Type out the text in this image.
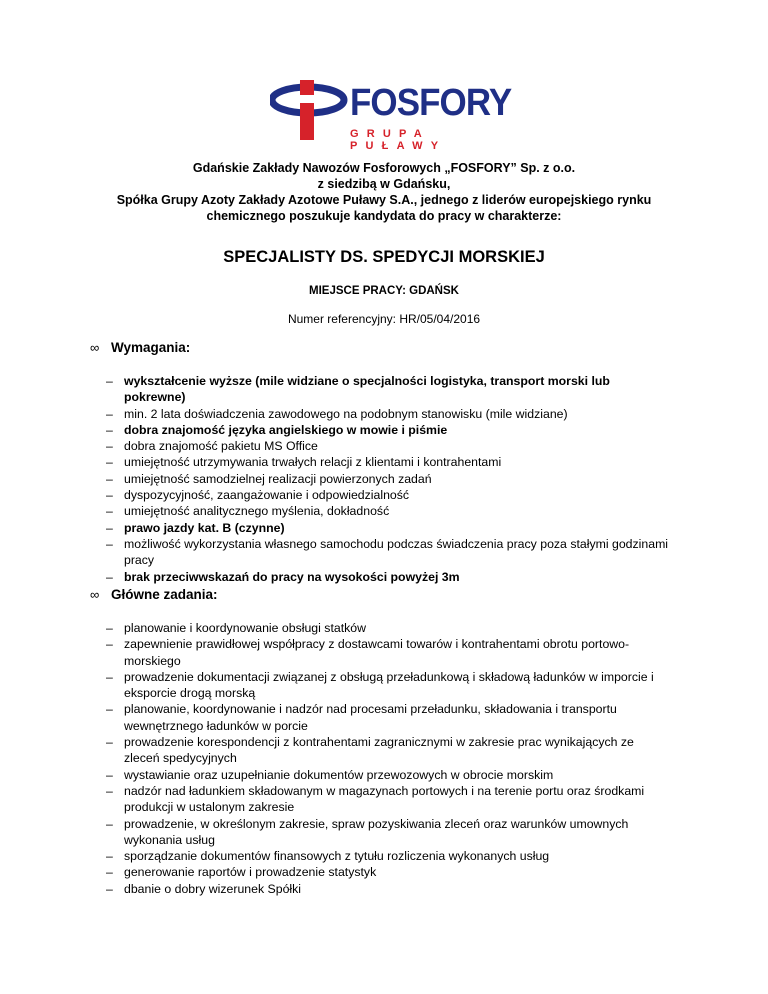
FOSFORY
GRUPA PUŁAWY
Gdańskie Zakłady Nawozów Fosforowych „FOSFORY” Sp. z o.o.
z siedzibą w Gdańsku,
Spółka Grupy Azoty Zakłady Azotowe Puławy S.A., jednego z liderów europejskiego rynku
chemicznego poszukuje kandydata do pracy w charakterze:
SPECJALISTY DS. SPEDYCJI MORSKIEJ
MIEJSCE PRACY: GDAŃSK
Numer referencyjny: HR/05/04/2016
∞ Wymagania:
– wykształcenie wyższe (mile widziane o specjalności logistyka, transport morski lub pokrewne)
– min. 2 lata doświadczenia zawodowego na podobnym stanowisku (mile widziane)
– dobra znajomość języka angielskiego w mowie i piśmie
– dobra znajomość pakietu MS Office
– umiejętność utrzymywania trwałych relacji z klientami i kontrahentami
– umiejętność samodzielnej realizacji powierzonych zadań
– dyspozycyjność, zaangażowanie i odpowiedzialność
– umiejętność analitycznego myślenia, dokładność
– prawo jazdy kat. B (czynne)
– możliwość wykorzystania własnego samochodu podczas świadczenia pracy poza stałymi godzinami pracy
– brak przeciwwskazań do pracy na wysokości powyżej 3m
∞ Główne zadania:
– planowanie i koordynowanie obsługi statków
– zapewnienie prawidłowej współpracy z dostawcami towarów i kontrahentami obrotu portowo-morskiego
– prowadzenie dokumentacji związanej z obsługą przeładunkową i składową ładunków w imporcie i eksporcie drogą morską
– planowanie, koordynowanie i nadzór nad procesami przeładunku, składowania i transportu wewnętrznego ładunków w porcie
– prowadzenie korespondencji z kontrahentami zagranicznymi w zakresie prac wynikających ze zleceń spedycyjnych
– wystawianie oraz uzupełnianie dokumentów przewozowych w obrocie morskim
– nadzór nad ładunkiem składowanym w magazynach portowych i na terenie portu oraz środkami produkcji w ustalonym zakresie
– prowadzenie, w określonym zakresie, spraw pozyskiwania zleceń oraz warunków umownych wykonania usług
– sporządzanie dokumentów finansowych z tytułu rozliczenia wykonanych usług
– generowanie raportów i prowadzenie statystyk
– dbanie o dobry wizerunek Spółki
